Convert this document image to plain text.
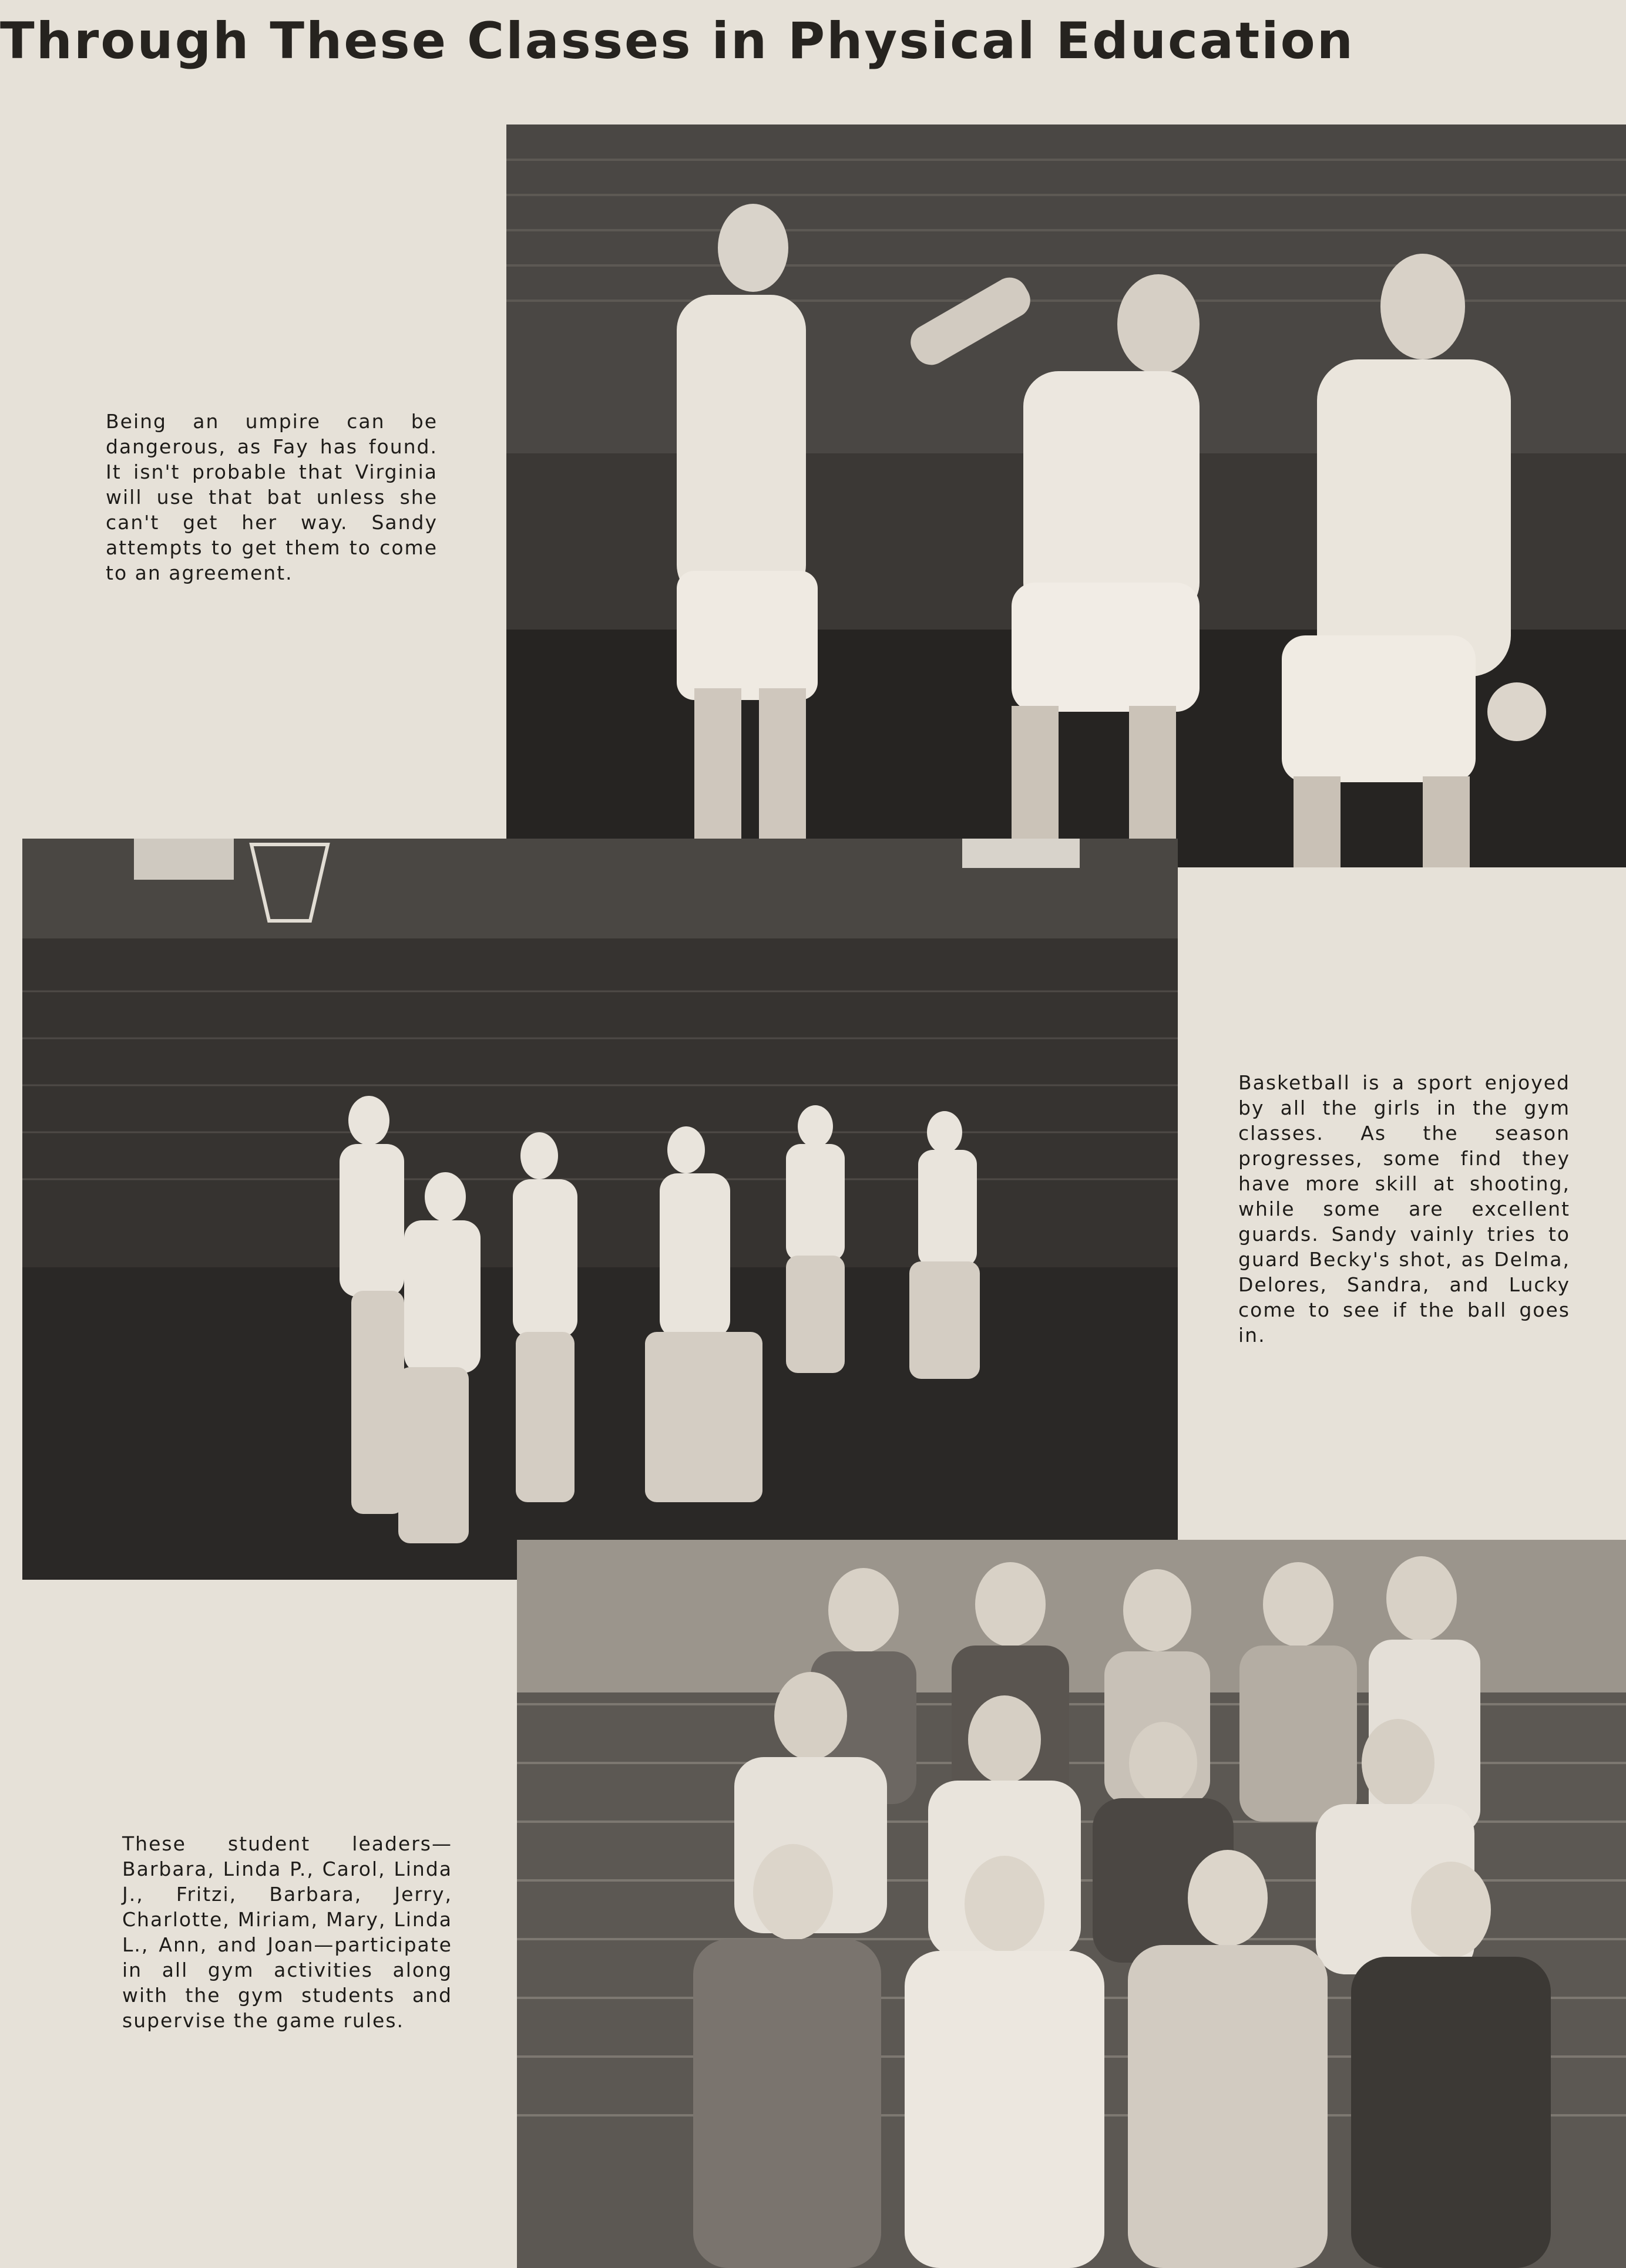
Through These Classes in Physical Education
Being an umpire can be dangerous, as Fay has found. It isn't probable that Virginia will use that bat unless she can't get her way. Sandy attempts to get them to come to an agreement.
Basketball is a sport enjoyed by all the girls in the gym classes. As the season progresses, some find they have more skill at shooting, while some are excellent guards. Sandy vainly tries to guard Becky's shot, as Delma, Delores, Sandra, and Lucky come to see if the ball goes in.
These student leaders—Barbara, Linda P., Carol, Linda J., Fritzi, Barbara, Jerry, Charlotte, Miriam, Mary, Linda L., Ann, and Joan—participate in all gym activities along with the gym students and supervise the game rules.
